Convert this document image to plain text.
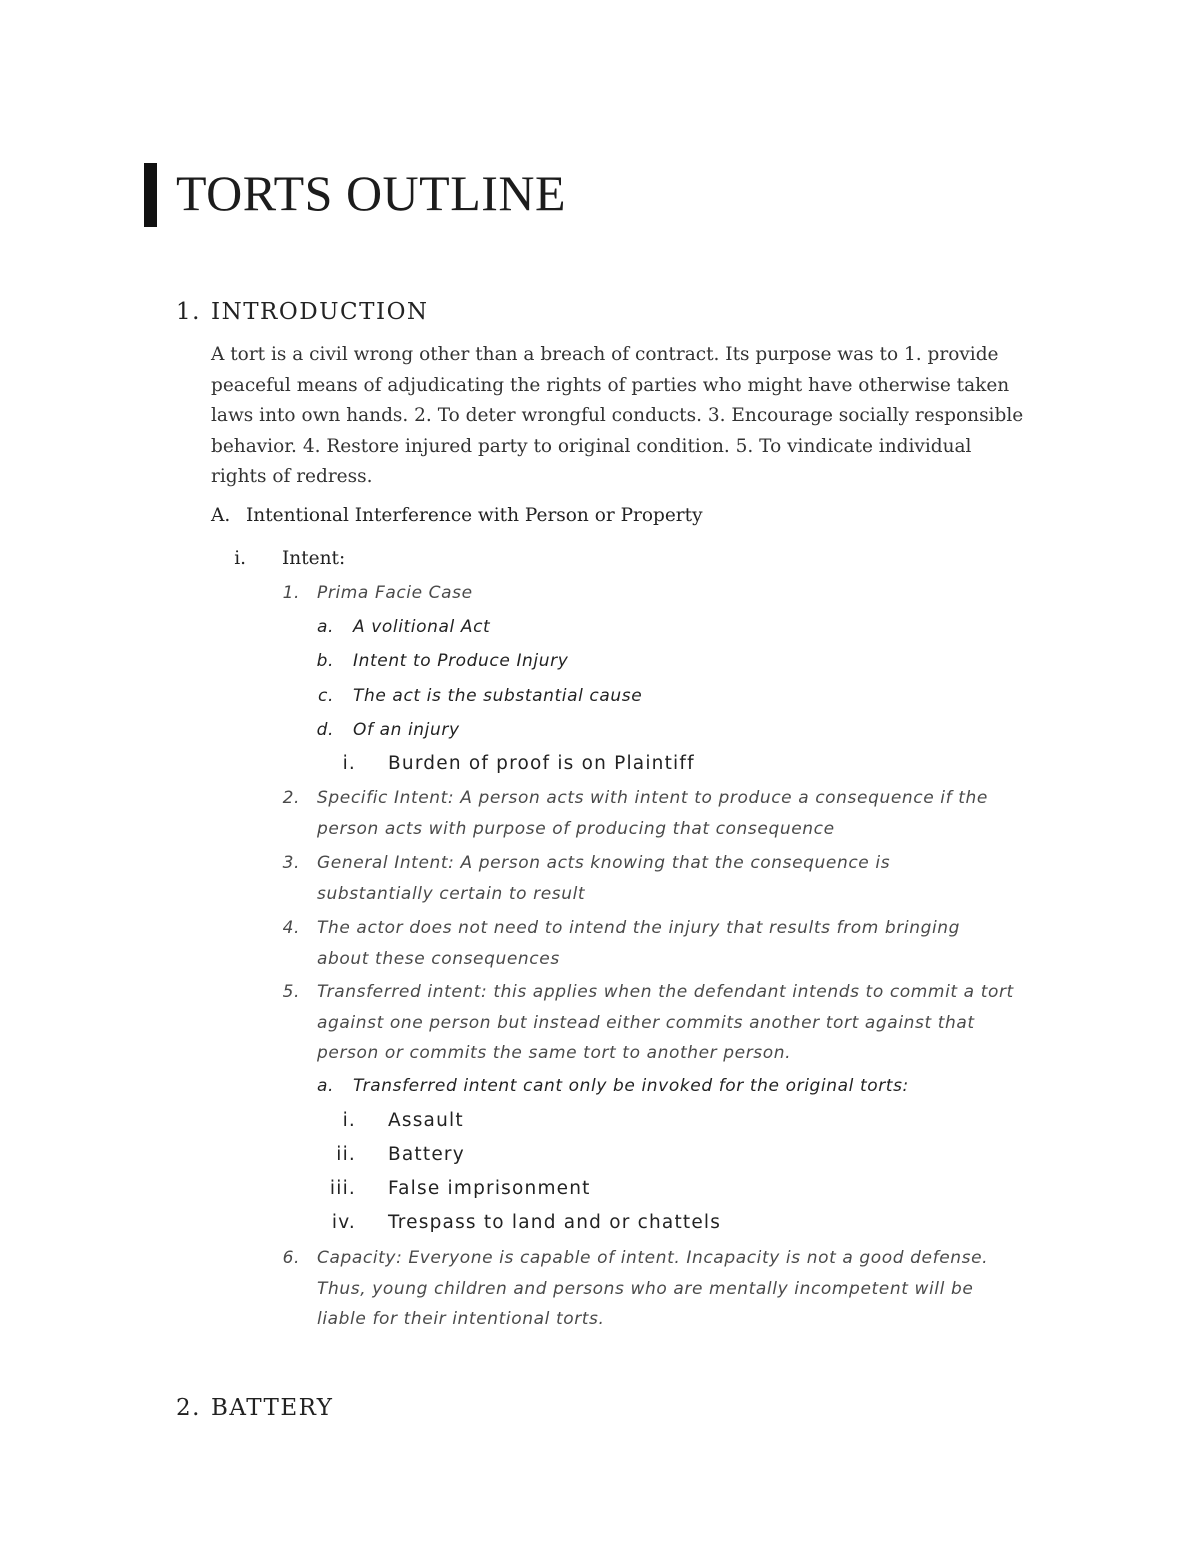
TORTS OUTLINE
1. INTRODUCTION

A tort is a civil wrong other than a breach of contract. Its purpose was to 1. provide peaceful means of adjudicating the rights of parties who might have otherwise taken laws into own hands. 2. To deter wrongful conducts. 3. Encourage socially responsible behavior. 4. Restore injured party to original condition. 5. To vindicate individual rights of redress.

A. Intentional Interference with Person or Property
i. Intent:
1. Prima Facie Case
a. A volitional Act
b. Intent to Produce Injury
c. The act is the substantial cause
d. Of an injury
i. Burden of proof is on Plaintiff
2. Specific Intent: A person acts with intent to produce a consequence if the person acts with purpose of producing that consequence
3. General Intent: A person acts knowing that the consequence is substantially certain to result
4. The actor does not need to intend the injury that results from bringing about these consequences
5. Transferred intent: this applies when the defendant intends to commit a tort against one person but instead either commits another tort against that person or commits the same tort to another person.
a. Transferred intent cant only be invoked for the original torts:
i. Assault
ii. Battery
iii. False imprisonment
iv. Trespass to land and or chattels
6. Capacity: Everyone is capable of intent. Incapacity is not a good defense. Thus, young children and persons who are mentally incompetent will be liable for their intentional torts.
2. BATTERY
